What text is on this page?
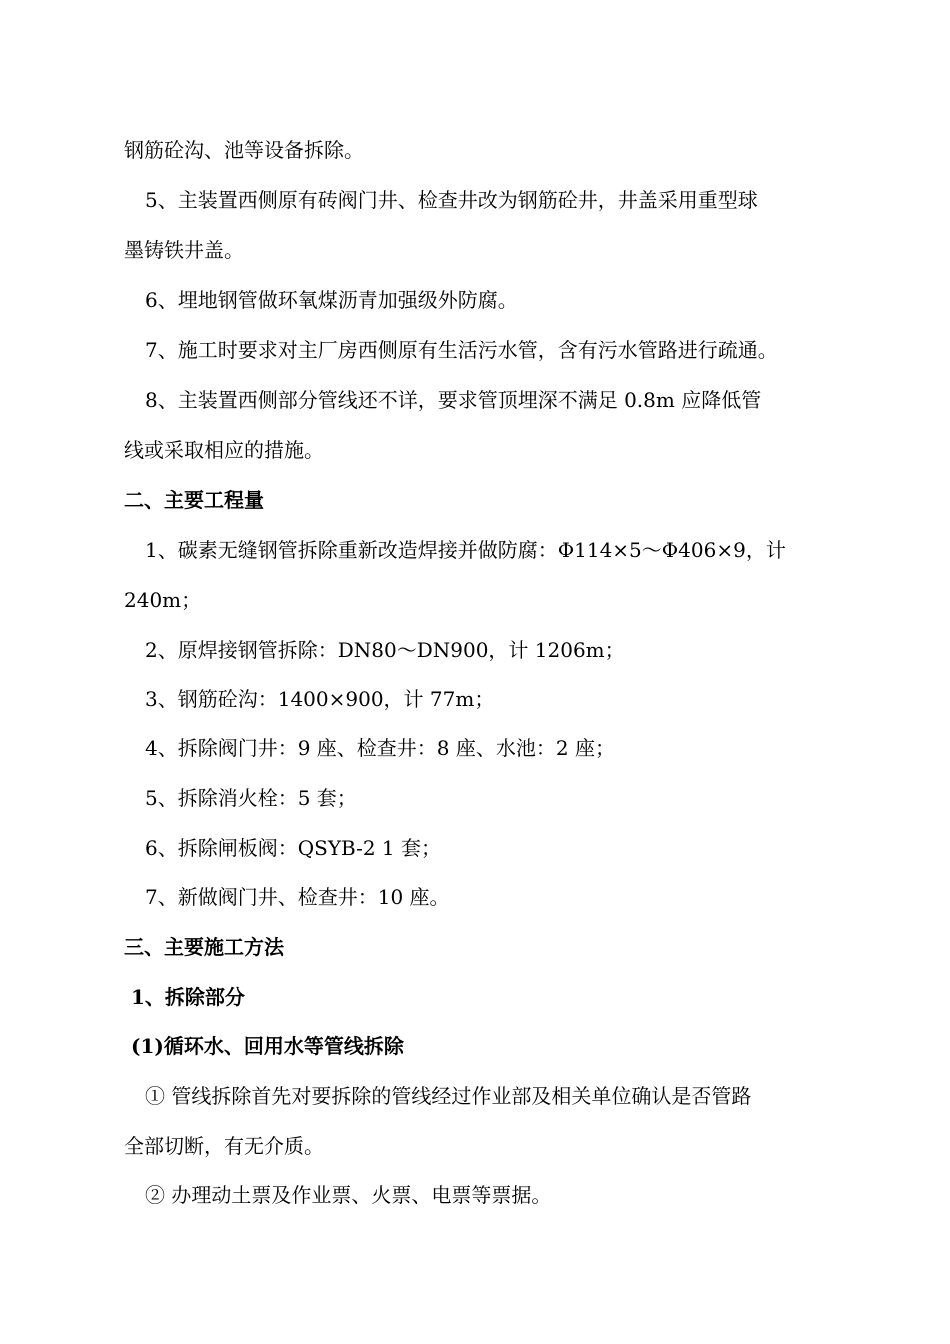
钢筋砼沟、池等设备拆除。
5、主装置西侧原有砖阀门井、检查井改为钢筋砼井，井盖采用重型球
墨铸铁井盖。
6、埋地钢管做环氧煤沥青加强级外防腐。
7、施工时要求对主厂房西侧原有生活污水管，含有污水管路进行疏通。
8、主装置西侧部分管线还不详，要求管顶埋深不满足 0.8m 应降低管
线或采取相应的措施。
二、主要工程量
1、碳素无缝钢管拆除重新改造焊接并做防腐：Φ114×5～Φ406×9，计
240m；
2、原焊接钢管拆除：DN80～DN900，计 1206m；
3、钢筋砼沟：1400×900，计 77m；
4、拆除阀门井：9 座、检查井：8 座、水池：2 座；
5、拆除消火栓：5 套；
6、拆除闸板阀：QSYB-2 1 套；
7、新做阀门井、检查井：10 座。
三、主要施工方法
1、拆除部分
(1)循环水、回用水等管线拆除
① 管线拆除首先对要拆除的管线经过作业部及相关单位确认是否管路
全部切断，有无介质。
② 办理动土票及作业票、火票、电票等票据。
